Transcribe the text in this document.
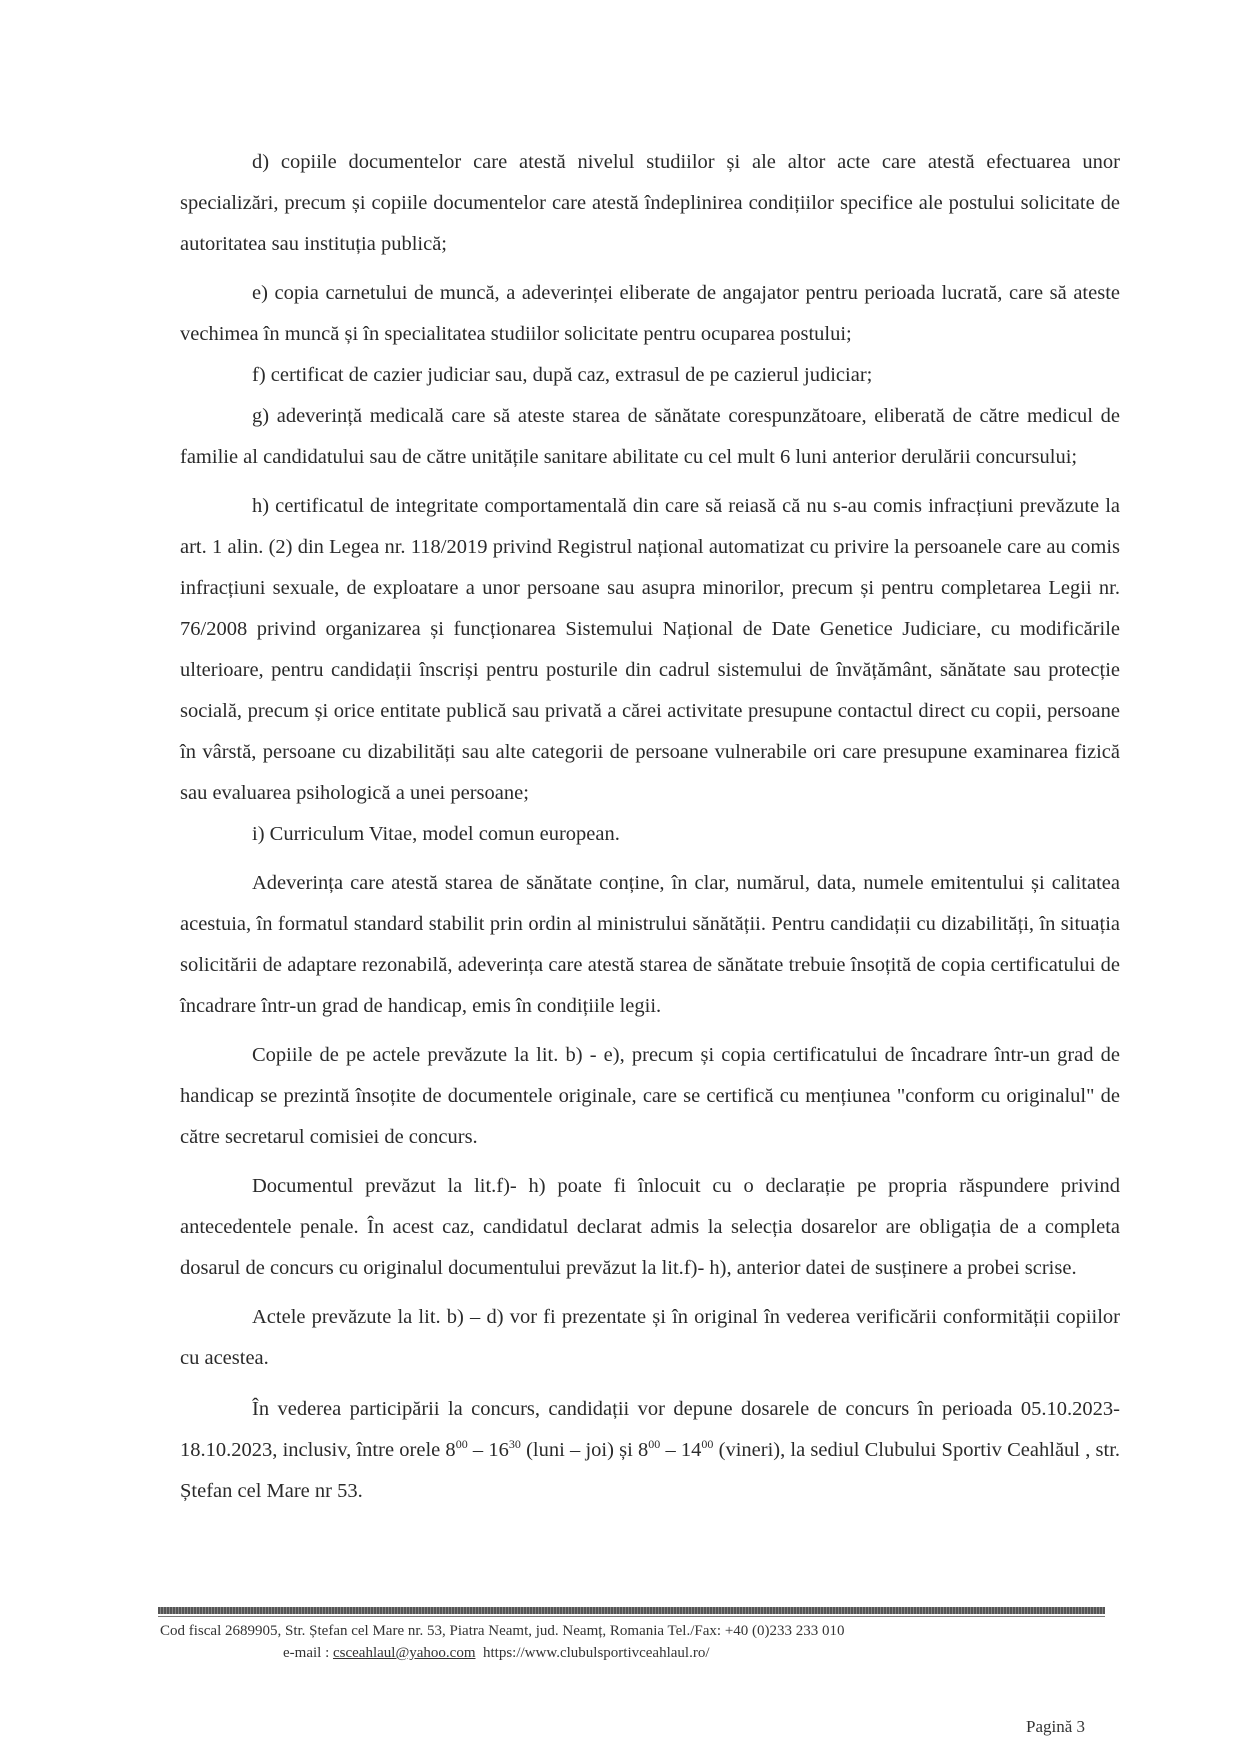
d) copiile documentelor care atestă nivelul studiilor și ale altor acte care atestă efectuarea unor specializări, precum și copiile documentelor care atestă îndeplinirea condițiilor specifice ale postului solicitate de autoritatea sau instituția publică;

e) copia carnetului de muncă, a adeverinței eliberate de angajator pentru perioada lucrată, care să ateste vechimea în muncă și în specialitatea studiilor solicitate pentru ocuparea postului;

f) certificat de cazier judiciar sau, după caz, extrasul de pe cazierul judiciar;

g) adeverință medicală care să ateste starea de sănătate corespunzătoare, eliberată de către medicul de familie al candidatului sau de către unitățile sanitare abilitate cu cel mult 6 luni anterior derulării concursului;

h) certificatul de integritate comportamentală din care să reiasă că nu s-au comis infracțiuni prevăzute la art. 1 alin. (2) din Legea nr. 118/2019 privind Registrul național automatizat cu privire la persoanele care au comis infracțiuni sexuale, de exploatare a unor persoane sau asupra minorilor, precum și pentru completarea Legii nr. 76/2008 privind organizarea și funcționarea Sistemului Național de Date Genetice Judiciare, cu modificările ulterioare, pentru candidații înscriși pentru posturile din cadrul sistemului de învățământ, sănătate sau protecție socială, precum și orice entitate publică sau privată a cărei activitate presupune contactul direct cu copii, persoane în vârstă, persoane cu dizabilități sau alte categorii de persoane vulnerabile ori care presupune examinarea fizică sau evaluarea psihologică a unei persoane;

i) Curriculum Vitae, model comun european.

Adeverința care atestă starea de sănătate conține, în clar, numărul, data, numele emitentului și calitatea acestuia, în formatul standard stabilit prin ordin al ministrului sănătății. Pentru candidații cu dizabilități, în situația solicitării de adaptare rezonabilă, adeverința care atestă starea de sănătate trebuie însoțită de copia certificatului de încadrare într-un grad de handicap, emis în condițiile legii.

Copiile de pe actele prevăzute la lit. b) - e), precum și copia certificatului de încadrare într-un grad de handicap se prezintă însoțite de documentele originale, care se certifică cu mențiunea "conform cu originalul" de către secretarul comisiei de concurs.

Documentul prevăzut la lit.f)- h) poate fi înlocuit cu o declarație pe propria răspundere privind antecedentele penale. În acest caz, candidatul declarat admis la selecția dosarelor are obligația de a completa dosarul de concurs cu originalul documentului prevăzut la lit.f)- h), anterior datei de susținere a probei scrise.

Actele prevăzute la lit. b) – d) vor fi prezentate și în original în vederea verificării conformității copiilor cu acestea.

În vederea participării la concurs, candidații vor depune dosarele de concurs în perioada 05.10.2023-18.10.2023, inclusiv, între orele $8^{00} - 16^{30}$ (luni – joi) și $8^{00} - 14^{00}$ (vineri), la sediul Clubului Sportiv Ceahlăul , str. Ștefan cel Mare nr 53.

Cod fiscal 2689905, Str. Ștefan cel Mare nr. 53, Piatra Neamt, jud. Neamț, Romania Tel./Fax: +40 (0)233 233 010
e-mail : csceahlaul@yahoo.com https://www.clubulsportivceahlaul.ro/
Pagină 3
